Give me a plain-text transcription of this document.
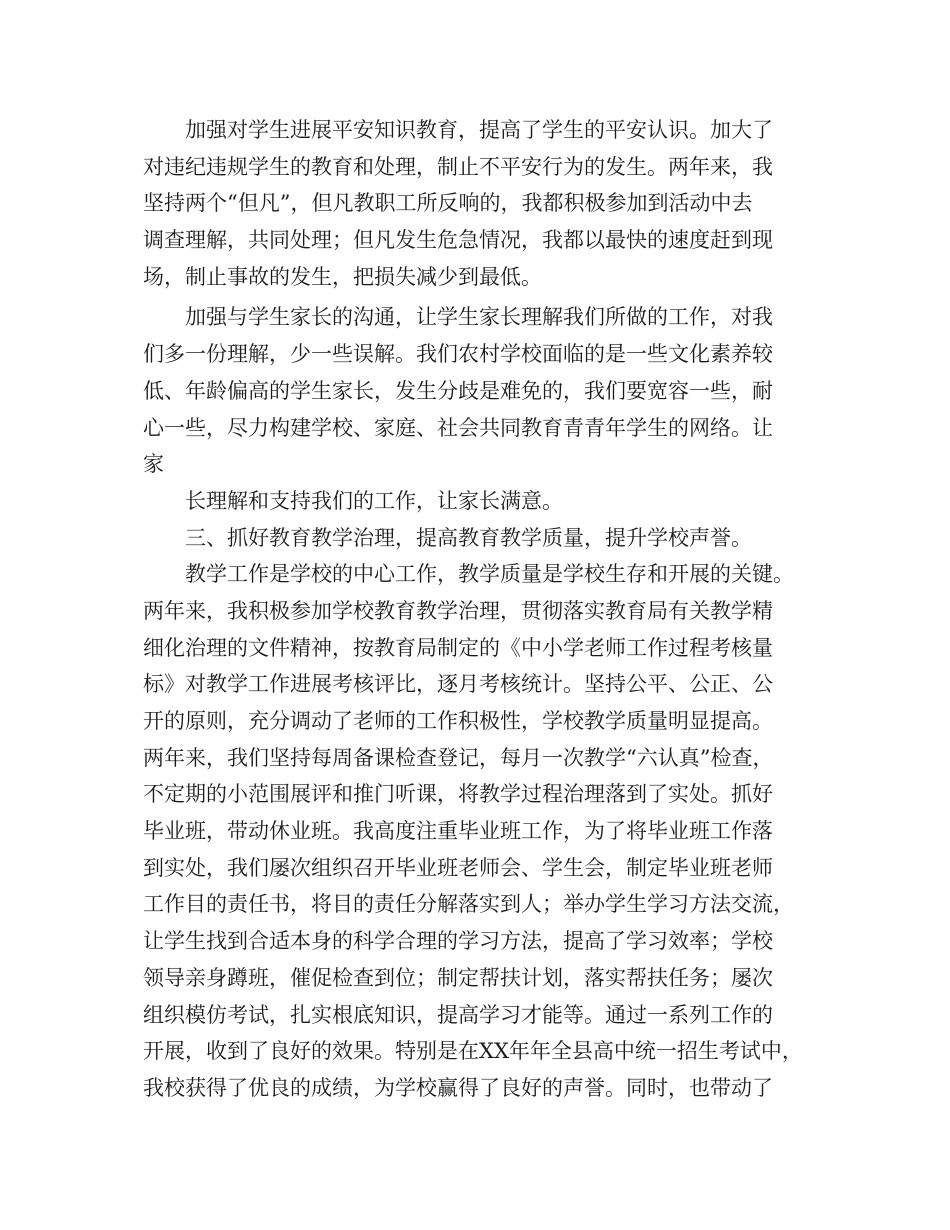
加强对学生进展平安知识教育，提高了学生的平安认识。加大了
对违纪违规学生的教育和处理，制止不平安行为的发生。两年来，我
坚持两个“但凡”，但凡教职工所反响的，我都积极参加到活动中去
调查理解，共同处理；但凡发生危急情况，我都以最快的速度赶到现
场，制止事故的发生，把损失减少到最低。
加强与学生家长的沟通，让学生家长理解我们所做的工作，对我
们多一份理解，少一些误解。我们农村学校面临的是一些文化素养较
低、年龄偏高的学生家长，发生分歧是难免的，我们要宽容一些，耐
心一些，尽力构建学校、家庭、社会共同教育青青年学生的网络。让
家
长理解和支持我们的工作，让家长满意。
三、抓好教育教学治理，提高教育教学质量，提升学校声誉。
教学工作是学校的中心工作，教学质量是学校生存和开展的关键。
两年来，我积极参加学校教育教学治理，贯彻落实教育局有关教学精
细化治理的文件精神，按教育局制定的《中小学老师工作过程考核量
标》对教学工作进展考核评比，逐月考核统计。坚持公平、公正、公
开的原则，充分调动了老师的工作积极性，学校教学质量明显提高。
两年来，我们坚持每周备课检查登记，每月一次教学“六认真”检查，
不定期的小范围展评和推门听课，将教学过程治理落到了实处。抓好
毕业班，带动休业班。我高度注重毕业班工作，为了将毕业班工作落
到实处，我们屡次组织召开毕业班老师会、学生会，制定毕业班老师
工作目的责任书，将目的责任分解落实到人；举办学生学习方法交流，
让学生找到合适本身的科学合理的学习方法，提高了学习效率；学校
领导亲身蹲班，催促检查到位；制定帮扶计划，落实帮扶任务；屡次
组织模仿考试，扎实根底知识，提高学习才能等。通过一系列工作的
开展，收到了良好的效果。特别是在XX年年全县高中统一招生考试中，
我校获得了优良的成绩，为学校赢得了良好的声誉。同时，也带动了
